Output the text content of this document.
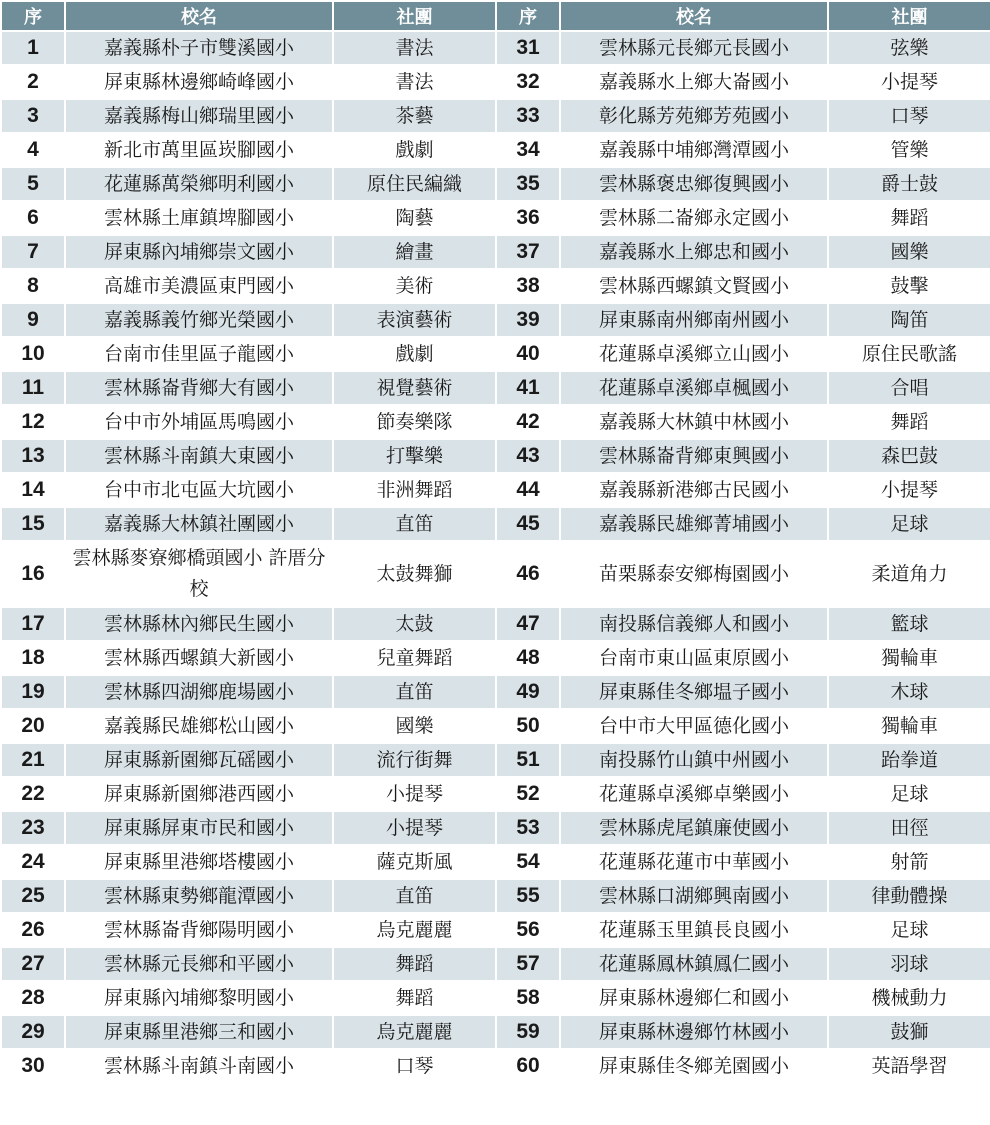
序	校名	社團	序	校名	社團
1	嘉義縣朴子市雙溪國小	書法	31	雲林縣元長鄉元長國小	弦樂
2	屏東縣林邊鄉崎峰國小	書法	32	嘉義縣水上鄉大崙國小	小提琴
3	嘉義縣梅山鄉瑞里國小	茶藝	33	彰化縣芳苑鄉芳苑國小	口琴
4	新北市萬里區崁腳國小	戲劇	34	嘉義縣中埔鄉灣潭國小	管樂
5	花蓮縣萬榮鄉明利國小	原住民編織	35	雲林縣褒忠鄉復興國小	爵士鼓
6	雲林縣土庫鎮埤腳國小	陶藝	36	雲林縣二崙鄉永定國小	舞蹈
7	屏東縣內埔鄉崇文國小	繪畫	37	嘉義縣水上鄉忠和國小	國樂
8	高雄市美濃區東門國小	美術	38	雲林縣西螺鎮文賢國小	鼓擊
9	嘉義縣義竹鄉光榮國小	表演藝術	39	屏東縣南州鄉南州國小	陶笛
10	台南市佳里區子龍國小	戲劇	40	花蓮縣卓溪鄉立山國小	原住民歌謠
11	雲林縣崙背鄉大有國小	視覺藝術	41	花蓮縣卓溪鄉卓楓國小	合唱
12	台中市外埔區馬鳴國小	節奏樂隊	42	嘉義縣大林鎮中林國小	舞蹈
13	雲林縣斗南鎮大東國小	打擊樂	43	雲林縣崙背鄉東興國小	森巴鼓
14	台中市北屯區大坑國小	非洲舞蹈	44	嘉義縣新港鄉古民國小	小提琴
15	嘉義縣大林鎮社團國小	直笛	45	嘉義縣民雄鄉菁埔國小	足球
16	雲林縣麥寮鄉橋頭國小 許厝分校	太鼓舞獅	46	苗栗縣泰安鄉梅園國小	柔道角力
17	雲林縣林內鄉民生國小	太鼓	47	南投縣信義鄉人和國小	籃球
18	雲林縣西螺鎮大新國小	兒童舞蹈	48	台南市東山區東原國小	獨輪車
19	雲林縣四湖鄉鹿場國小	直笛	49	屏東縣佳冬鄉塭子國小	木球
20	嘉義縣民雄鄉松山國小	國樂	50	台中市大甲區德化國小	獨輪車
21	屏東縣新園鄉瓦磘國小	流行街舞	51	南投縣竹山鎮中州國小	跆拳道
22	屏東縣新園鄉港西國小	小提琴	52	花蓮縣卓溪鄉卓樂國小	足球
23	屏東縣屏東市民和國小	小提琴	53	雲林縣虎尾鎮廉使國小	田徑
24	屏東縣里港鄉塔樓國小	薩克斯風	54	花蓮縣花蓮市中華國小	射箭
25	雲林縣東勢鄉龍潭國小	直笛	55	雲林縣口湖鄉興南國小	律動體操
26	雲林縣崙背鄉陽明國小	烏克麗麗	56	花蓮縣玉里鎮長良國小	足球
27	雲林縣元長鄉和平國小	舞蹈	57	花蓮縣鳳林鎮鳳仁國小	羽球
28	屏東縣內埔鄉黎明國小	舞蹈	58	屏東縣林邊鄉仁和國小	機械動力
29	屏東縣里港鄉三和國小	烏克麗麗	59	屏東縣林邊鄉竹林國小	鼓獅
30	雲林縣斗南鎮斗南國小	口琴	60	屏東縣佳冬鄉羌園國小	英語學習
